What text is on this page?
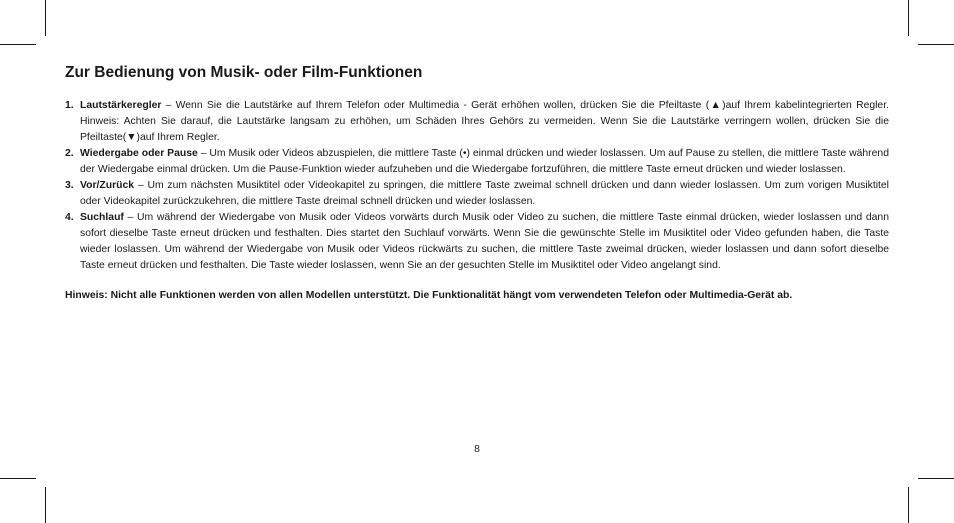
Zur Bedienung von Musik- oder Film-Funktionen
1. Lautstärkeregler – Wenn Sie die Lautstärke auf Ihrem Telefon oder Multimedia - Gerät erhöhen wollen, drücken Sie die Pfeiltaste (▲)auf Ihrem kabelintegrierten Regler. Hinweis: Achten Sie darauf, die Lautstärke langsam zu erhöhen, um Schäden Ihres Gehörs zu vermeiden. Wenn Sie die Lautstärke verringern wollen, drücken Sie die Pfeiltaste(▼)auf Ihrem Regler.
2. Wiedergabe oder Pause – Um Musik oder Videos abzuspielen, die mittlere Taste (•) einmal drücken und wieder loslassen. Um auf Pause zu stellen, die mittlere Taste während der Wiedergabe einmal drücken. Um die Pause-Funktion wieder aufzuheben und die Wiedergabe fortzuführen, die mittlere Taste erneut drücken und wieder loslassen.
3. Vor/Zurück – Um zum nächsten Musiktitel oder Videokapitel zu springen, die mittlere Taste zweimal schnell drücken und dann wieder loslassen. Um zum vorigen Musiktitel oder Videokapitel zurückzukehren, die mittlere Taste dreimal schnell drücken und wieder loslassen.
4. Suchlauf – Um während der Wiedergabe von Musik oder Videos vorwärts durch Musik oder Video zu suchen, die mittlere Taste einmal drücken, wieder loslassen und dann sofort dieselbe Taste erneut drücken und festhalten. Dies startet den Suchlauf vorwärts. Wenn Sie die gewünschte Stelle im Musiktitel oder Video gefunden haben, die Taste wieder loslassen. Um während der Wiedergabe von Musik oder Videos rückwärts zu suchen, die mittlere Taste zweimal drücken, wieder loslassen und dann sofort dieselbe Taste erneut drücken und festhalten. Die Taste wieder loslassen, wenn Sie an der gesuchten Stelle im Musiktitel oder Video angelangt sind.

Hinweis: Nicht alle Funktionen werden von allen Modellen unterstützt. Die Funktionalität hängt vom verwendeten Telefon oder Multimedia-Gerät ab.

8
